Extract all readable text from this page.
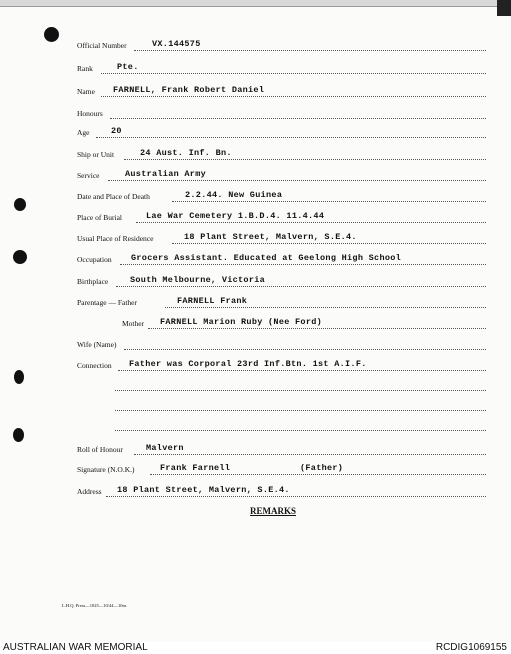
Official Number	VX.144575
Rank	Pte.
Name FARNELL, Frank Robert Daniel
Honours
Age	20
Ship or Unit	24 Aust. Inf. Bn.
Service	Australian Army
Date and Place of Death	2.2.44. New Guinea
Place of Burial	Lae War Cemetery 1.B.D.4. 11.4.44
Usual Place of Residence	18 Plant Street, Malvern, S.E.4.
Occupation Grocers Assistant. Educated at Geelong High School
Birthplace	South Melbourne, Victoria
Parentage — Father	FARNELL Frank
Mother FARNELL Marion Ruby (Nee Ford)
Wife (Name)
Connection Father was Corporal 23rd Inf.Btn. 1st A.I.F.
Roll of Honour	Malvern
Signature (N.O.K.)	Frank Farnell	(Father)
Address 18 Plant Street, Malvern, S.E.4.
REMARKS
L.H.Q. Press—1025—10/44—10m.
AUSTRALIAN WAR MEMORIAL	RCDIG1069155
